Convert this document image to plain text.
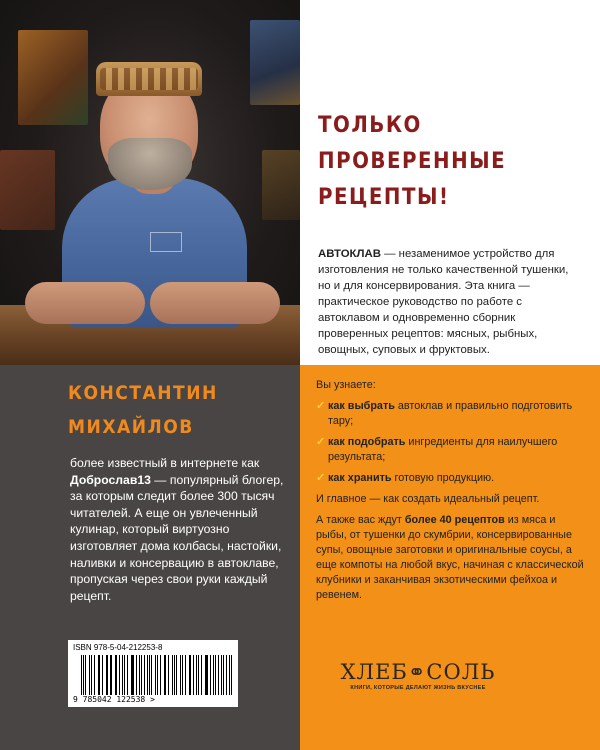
ТОЛЬКО
ПРОВЕРЕННЫЕ
РЕЦЕПТЫ!
АВТОКЛАВ — незаменимое устройство для изготовления не только качественной тушенки, но и для консервирования. Эта книга — практическое руководство по работе с автоклавом и одновременно сборник проверенных рецептов: мясных, рыбных, овощных, суповых и фруктовых.
КОНСТАНТИН
МИХАЙЛОВ
более известный в интернете как Доброслав13 — популярный блогер, за которым следит более 300 тысяч читателей. А еще он увлеченный кулинар, который виртуозно изготовляет дома колбасы, настойки, наливки и консервацию в автоклаве, пропуская через свои руки каждый рецепт.
ISBN 978-5-04-212253-8
9 785042 122538 >

Вы узнаете:

✓ как выбрать автоклав и правильно подготовить тару;
✓ как подобрать ингредиенты для наилучшего результата;
✓ как хранить готовую продукцию.

И главное — как создать идеальный рецепт.

А также вас ждут более 40 рецептов из мяса и рыбы, от тушенки до скумбрии, консервированные супы, овощные заготовки и оригинальные соусы, а еще компоты на любой вкус, начиная с классической клубники и заканчивая экзотическими фейхоа и ревенем.

ХЛЕБ⚭СОЛЬ
КНИГИ, КОТОРЫЕ ДЕЛАЮТ ЖИЗНЬ ВКУСНЕЕ
